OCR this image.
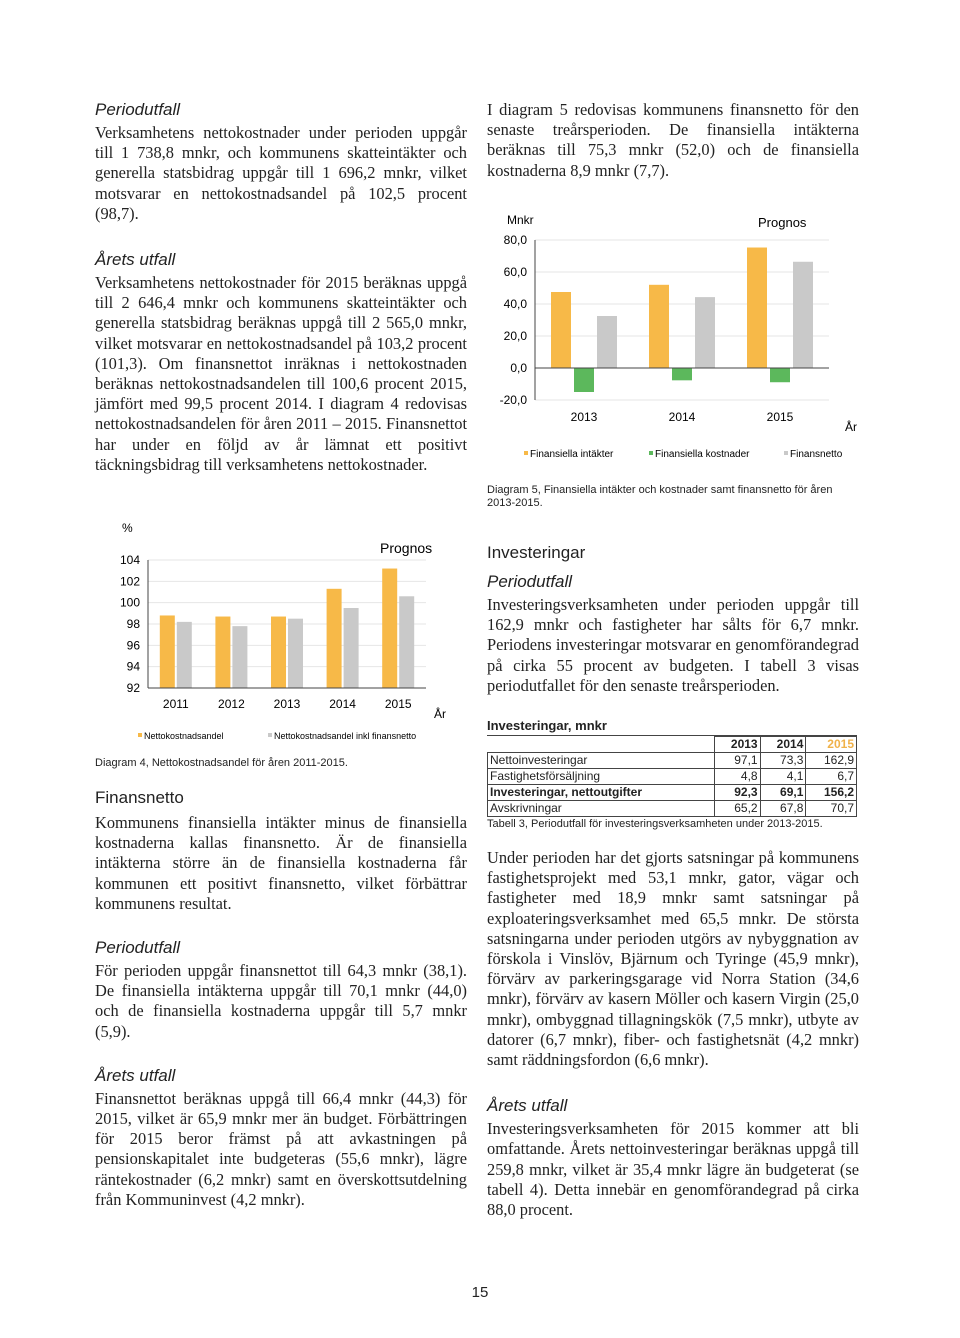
Periodutfall

Verksamhetens nettokostnader under perioden uppgår till 1 738,8 mnkr, och kommunens skatteintäkter och generella statsbidrag uppgår till 1 696,2 mnkr, vilket motsvarar en nettokostnadsandel på 102,5 procent (98,7).

Årets utfall

Verksamhetens nettokostnader för 2015 beräknas uppgå till 2 646,4 mnkr och kommunens skatteintäkter och generella statsbidrag beräknas uppgå till 2 565,0 mnkr, vilket motsvarar en nettokostnadsandel på 103,2 procent (101,3). Om finansnettot inräknas i nettokostnaden beräknas nettokostnadsandelen till 100,6 procent 2015, jämfört med 99,5 procent 2014. I diagram 4 redovisas nettokostnadsandelen för åren 2011 – 2015. Finansnettot har under en följd av år lämnat ett positivt täckningsbidrag till verksamhetens nettokostnader.

%
Prognos
104
102
100
98
96
94
92
2011 2012 2013 2014 2015
År
Nettokostnadsandel	Nettokostnadsandel inkl finansnetto
Diagram 4, Nettokostnadsandel för åren 2011-2015.
Finansnetto

Kommunens finansiella intäkter minus de finansiella kostnaderna kallas finansnetto. Är de finansiella intäkterna större än de finansiella kostnaderna får kommunen ett positivt finansnetto, vilket förbättrar kommunens resultat.

Periodutfall

För perioden uppgår finansnettot till 64,3 mnkr (38,1). De finansiella intäkterna uppgår till 70,1 mnkr (44,0) och de finansiella kostnaderna uppgår till 5,7 mnkr (5,9).

Årets utfall

Finansnettot beräknas uppgå till 66,4 mnkr (44,3) för 2015, vilket är 65,9 mnkr mer än budget. Förbättringen för 2015 beror främst på att avkastningen på pensionskapitalet inte budgeteras (55,6 mnkr), lägre räntekostnader (6,2 mnkr) samt en överskottsutdelning från Kommuninvest (4,2 mnkr).

I diagram 5 redovisas kommunens finansnetto för den senaste treårsperioden. De finansiella intäkterna beräknas till 75,3 mnkr (52,0) och de finansiella kostnaderna 8,9 mnkr (7,7).

Mnkr	Prognos
80,0
60,0
40,0
20,0
0,0
-20,0
2013	2014	2015
År
Finansiella intäkter	Finansiella kostnader	Finansnetto
Diagram 5, Finansiella intäkter och kostnader samt finansnetto för åren 2013-2015.
Investeringar
Periodutfall

Investeringsverksamheten under perioden uppgår till 162,9 mnkr och fastigheter har sålts för 6,7 mnkr. Periodens investeringar motsvarar en genomförandegrad på cirka 55 procent av budgeten. I tabell 3 visas periodutfallet för den senaste treårsperioden.

Investeringar, mnkr
	2013	2014	2015
Nettoinvesteringar	97,1	73,3	162,9
Fastighetsförsäljning	4,8	4,1	6,7
Investeringar, nettoutgifter	92,3	69,1	156,2
Avskrivningar	65,2	67,8	70,7
Tabell 3, Periodutfall för investeringsverksamheten under 2013-2015.

Under perioden har det gjorts satsningar på kommunens fastighetsprojekt med 53,1 mnkr, gator, vägar och fastigheter med 18,9 mnkr samt satsningar på exploateringsverksamhet med 65,5 mnkr. De största satsningarna under perioden utgörs av nybyggnation av förskola i Vinslöv, Bjärnum och Tyringe (45,9 mnkr), förvärv av parkeringsgarage vid Norra Station (34,6 mnkr), förvärv av kasern Möller och kasern Virgin (25,0 mnkr), ombyggnad tillagningskök (7,5 mnkr), utbyte av datorer (6,7 mnkr), fiber- och fastighetsnät (4,2 mnkr) samt räddningsfordon (6,6 mnkr).

Årets utfall

Investeringsverksamheten för 2015 kommer att bli omfattande. Årets nettoinvesteringar beräknas uppgå till 259,8 mnkr, vilket är 35,4 mnkr lägre än budgeterat (se tabell 4). Detta innebär en genomförandegrad på cirka 88,0 procent.

15
